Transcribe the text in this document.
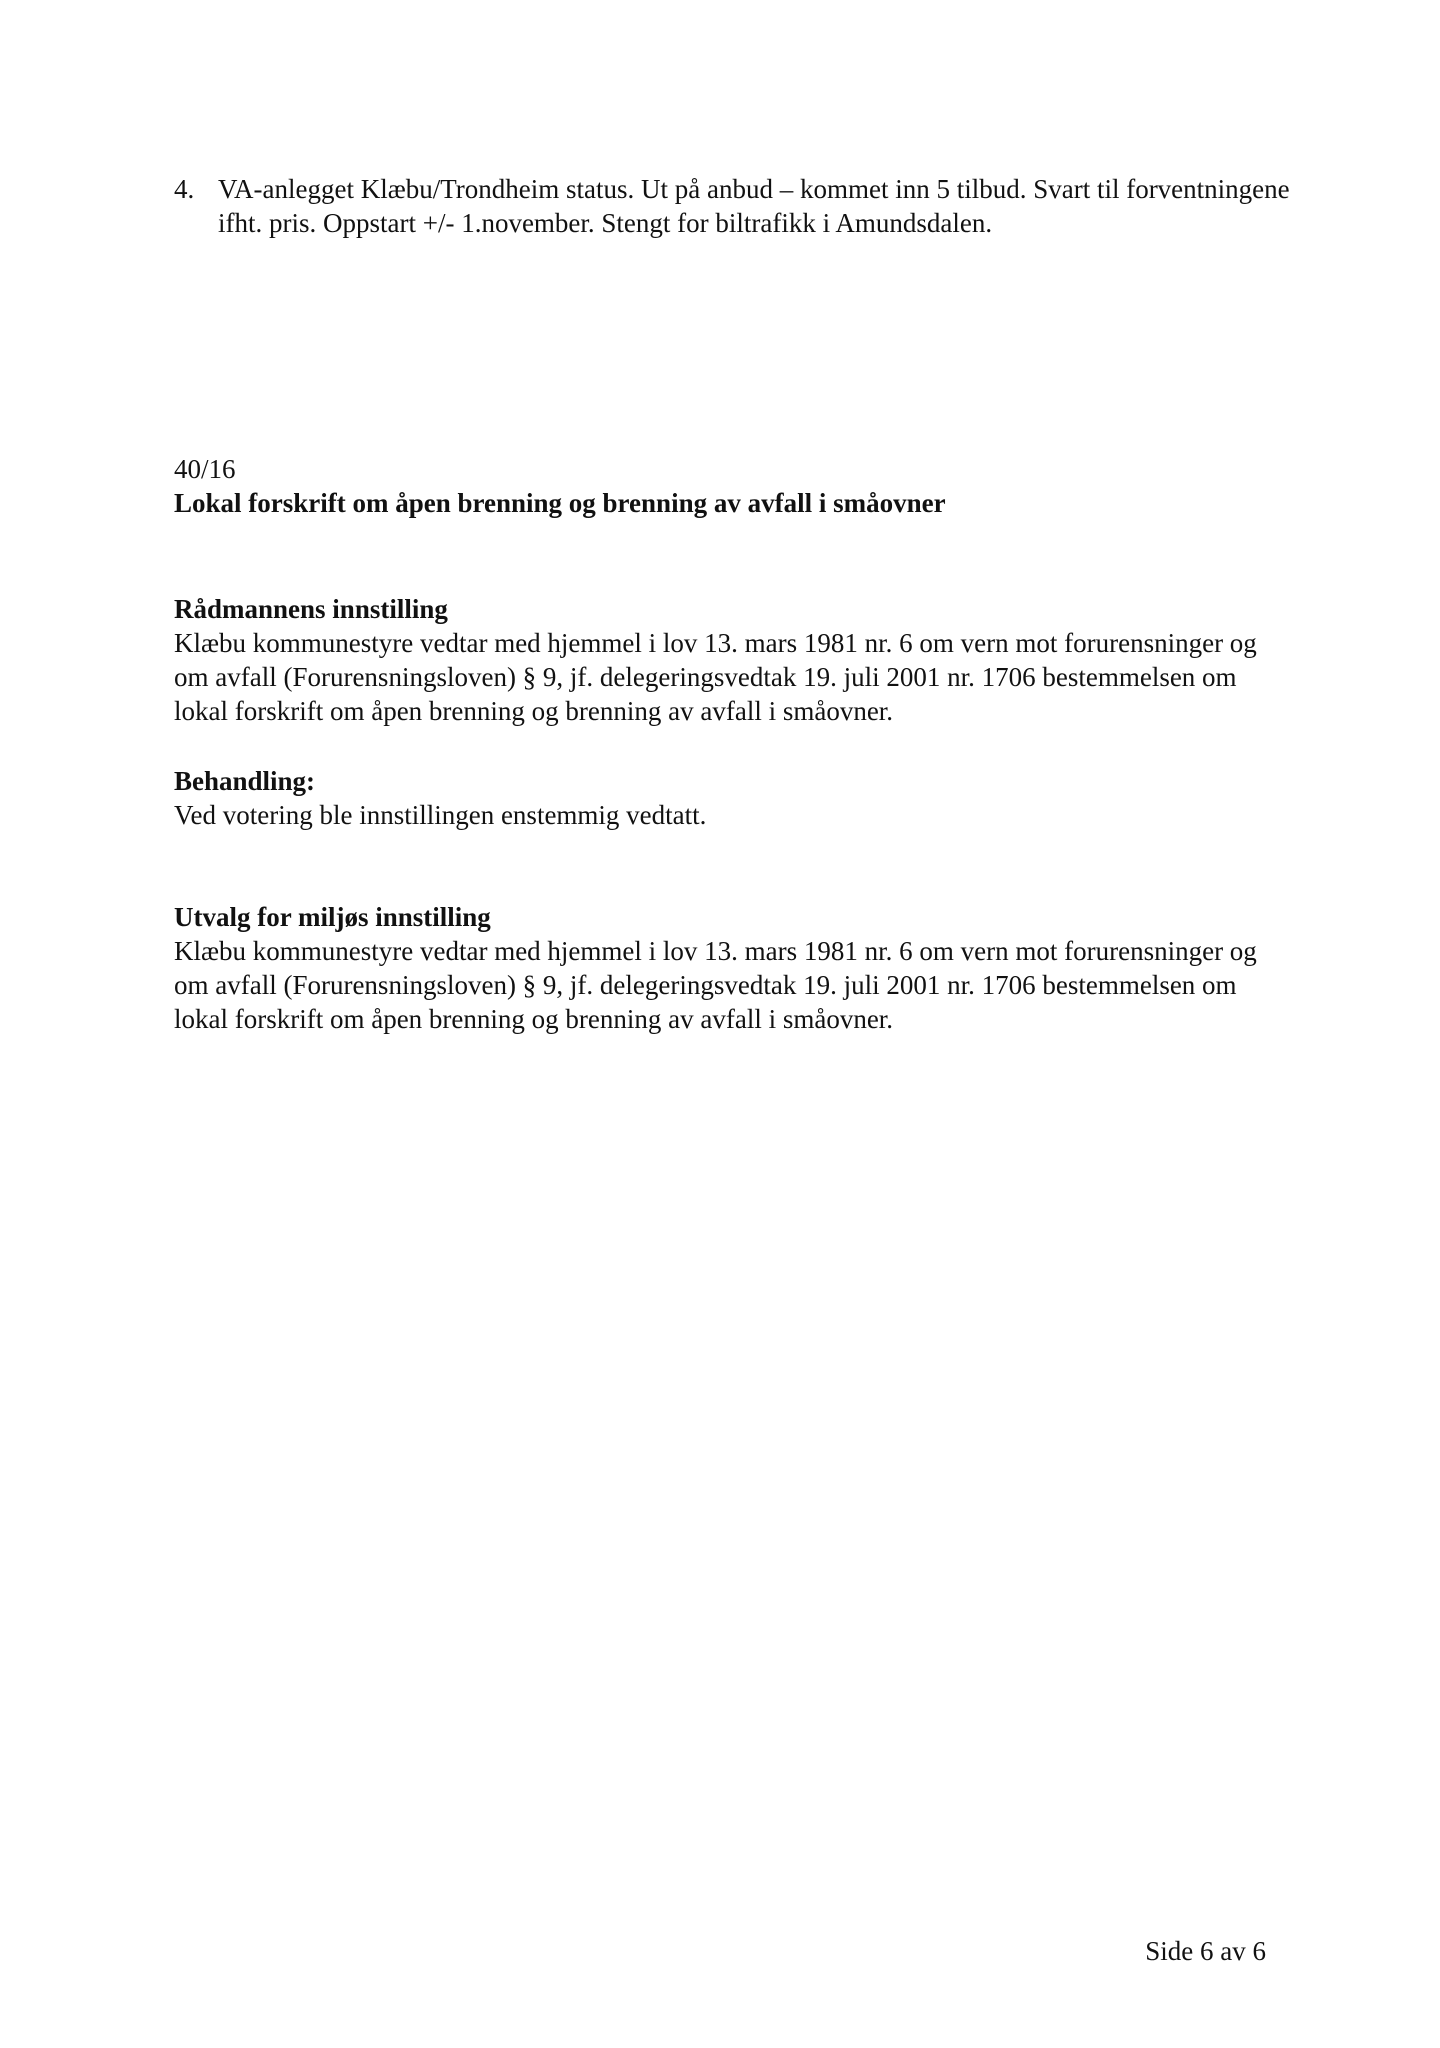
4. VA-anlegget Klæbu/Trondheim status. Ut på anbud – kommet inn 5 tilbud. Svart til forventningene ifht. pris. Oppstart +/- 1.november. Stengt for biltrafikk i Amundsdalen.

40/16

Lokal forskrift om åpen brenning og brenning av avfall i småovner

Rådmannens innstilling

Klæbu kommunestyre vedtar med hjemmel i lov 13. mars 1981 nr. 6 om vern mot forurensninger og om avfall (Forurensningsloven) § 9, jf. delegeringsvedtak 19. juli 2001 nr. 1706 bestemmelsen om lokal forskrift om åpen brenning og brenning av avfall i småovner.

Behandling:

Ved votering ble innstillingen enstemmig vedtatt.

Utvalg for miljøs innstilling

Klæbu kommunestyre vedtar med hjemmel i lov 13. mars 1981 nr. 6 om vern mot forurensninger og om avfall (Forurensningsloven) § 9, jf. delegeringsvedtak 19. juli 2001 nr. 1706 bestemmelsen om lokal forskrift om åpen brenning og brenning av avfall i småovner.

Side 6 av 6
